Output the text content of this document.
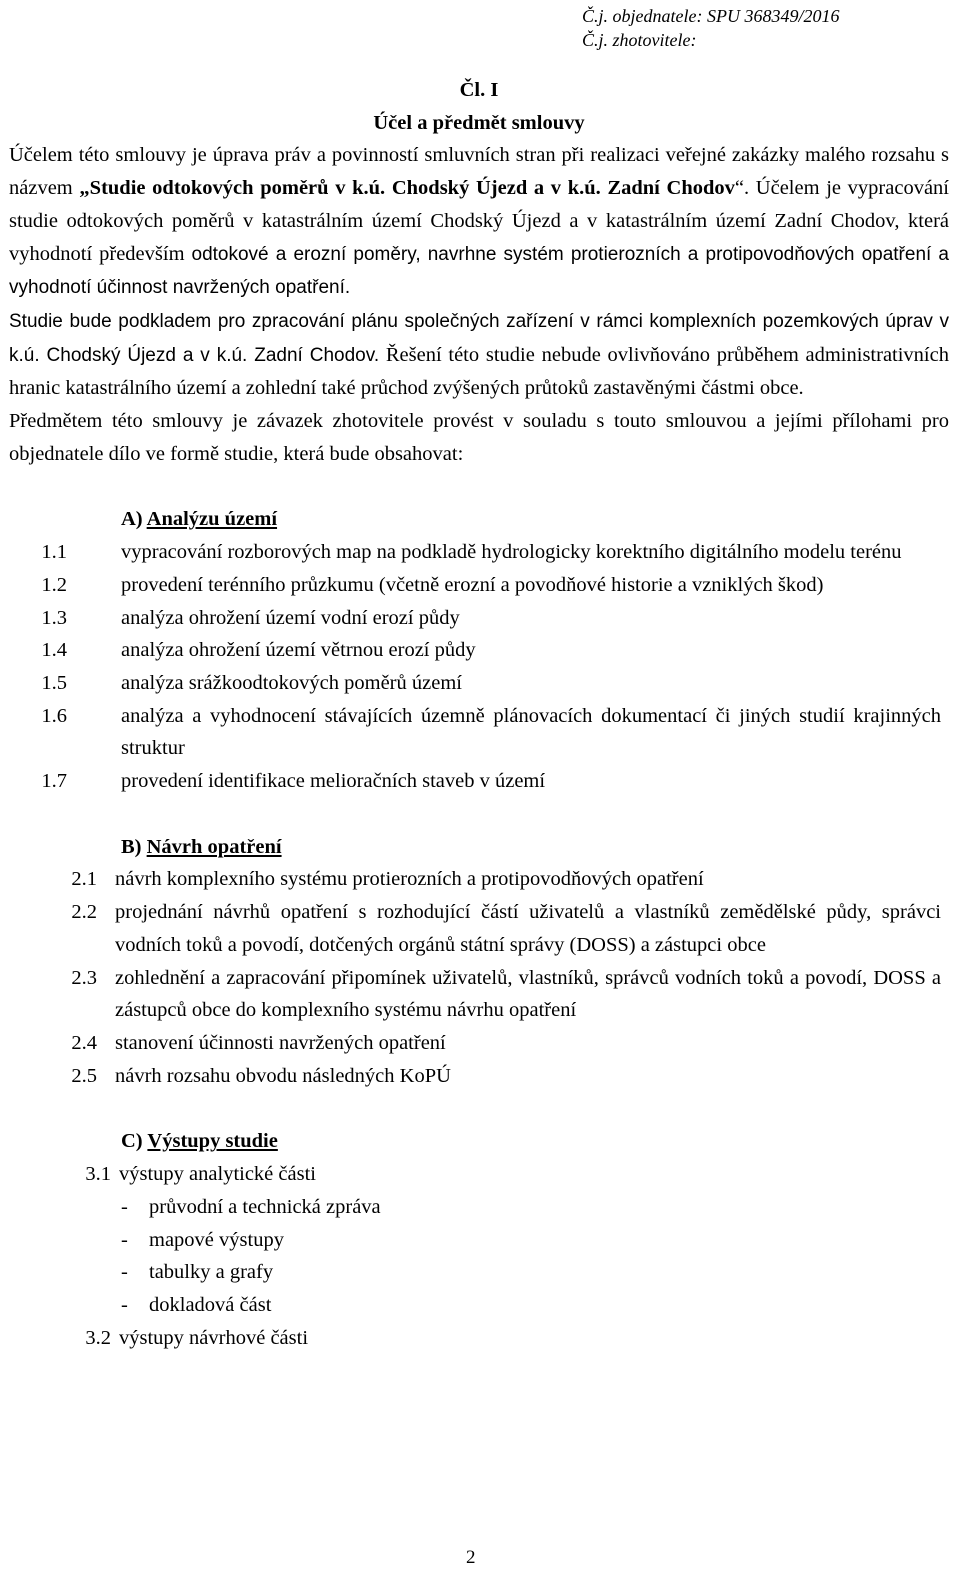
Č.j. objednatele: SPU 368349/2016
Č.j. zhotovitele:
Čl. I
Účel a předmět smlouvy

Účelem této smlouvy je úprava práv a povinností smluvních stran při realizaci veřejné zakázky malého rozsahu s názvem „Studie odtokových poměrů v k.ú. Chodský Újezd a v k.ú. Zadní Chodov“. Účelem je vypracování studie odtokových poměrů v katastrálním území Chodský Újezd a v katastrálním území Zadní Chodov, která vyhodnotí především odtokové a erozní poměry, navrhne systém protierozních a protipovodňových opatření a vyhodnotí účinnost navržených opatření.

Studie bude podkladem pro zpracování plánu společných zařízení v rámci komplexních pozemkových úprav v k.ú. Chodský Újezd a v k.ú. Zadní Chodov. Řešení této studie nebude ovlivňováno průběhem administrativních hranic katastrálního území a zohlední také průchod zvýšených průtoků zastavěnými částmi obce.

Předmětem této smlouvy je závazek zhotovitele provést v souladu s touto smlouvou a jejími přílohami pro objednatele dílo ve formě studie, která bude obsahovat:

A) Analýzu území
1.1	vypracování rozborových map na podkladě hydrologicky korektního digitálního modelu terénu
1.2	provedení terénního průzkumu (včetně erozní a povodňové historie a vzniklých škod)
1.3	analýza ohrožení území vodní erozí půdy
1.4	analýza ohrožení území větrnou erozí půdy
1.5	analýza srážkoodtokových poměrů území
1.6	analýza a vyhodnocení stávajících územně plánovacích dokumentací či jiných studií krajinných struktur
1.7	provedení identifikace melioračních staveb v území
B) Návrh opatření
2.1 návrh komplexního systému protierozních a protipovodňových opatření
2.2 projednání návrhů opatření s rozhodující částí uživatelů a vlastníků zemědělské půdy, správci vodních toků a povodí, dotčených orgánů státní správy (DOSS) a zástupci obce
2.3 zohlednění a zapracování připomínek uživatelů, vlastníků, správců vodních toků a povodí, DOSS a zástupců obce do komplexního systému návrhu opatření
2.4 stanovení účinnosti navržených opatření
2.5 návrh rozsahu obvodu následných KoPÚ
C) Výstupy studie
3.1 výstupy analytické části
-	průvodní a technická zpráva
-	mapové výstupy
-	tabulky a grafy
-	dokladová část
3.2 výstupy návrhové části
2
